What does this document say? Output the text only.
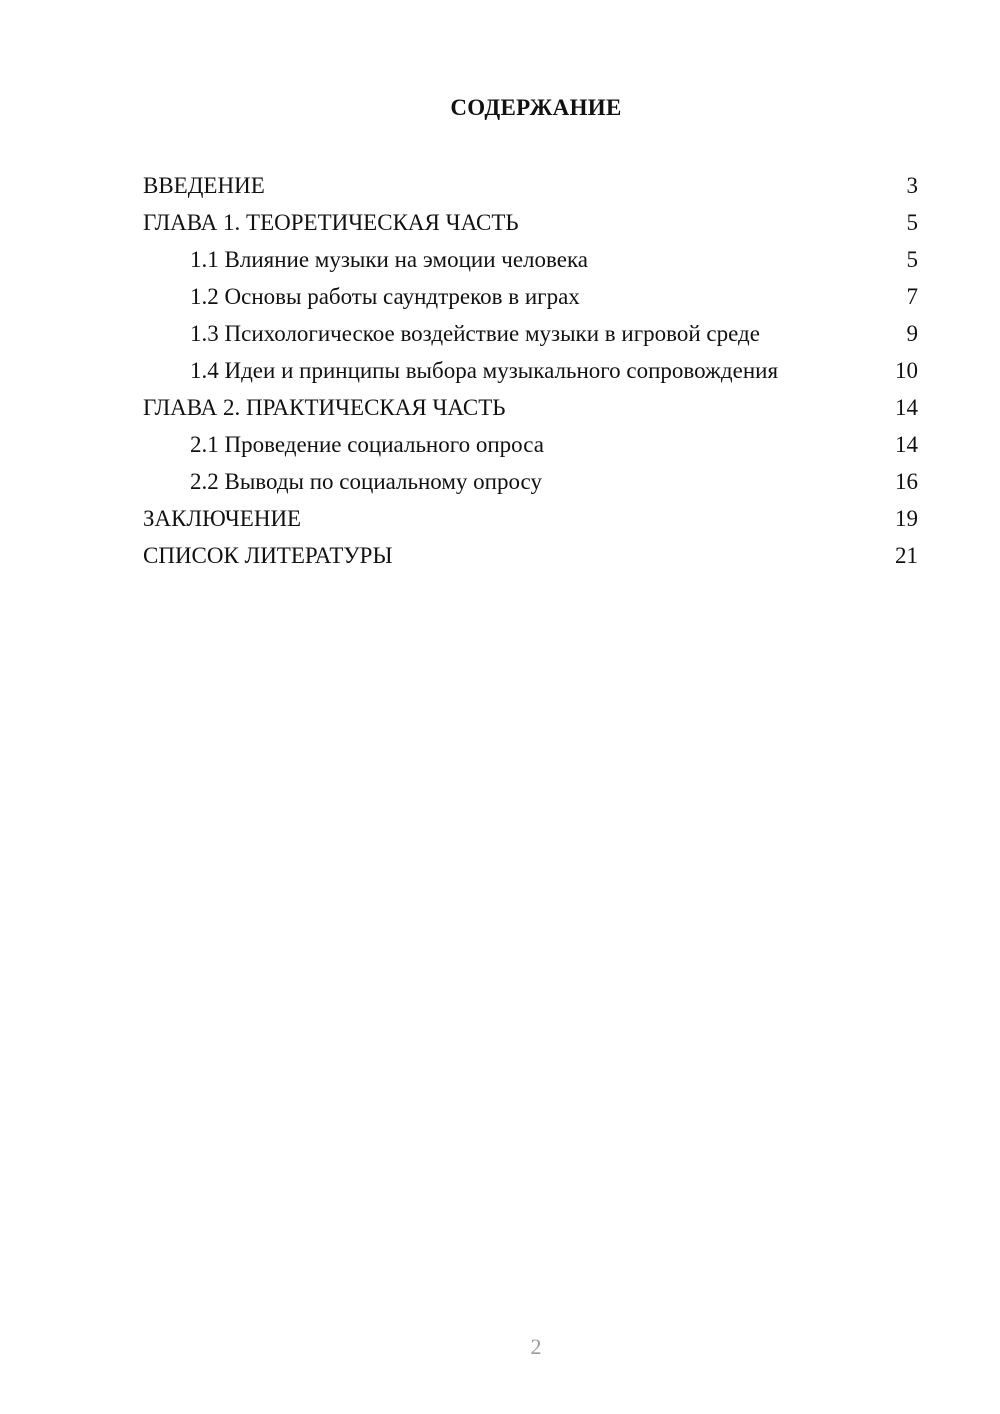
СОДЕРЖАНИЕ
ВВЕДЕНИЕ	3
ГЛАВА 1. ТЕОРЕТИЧЕСКАЯ ЧАСТЬ	5
1.1 Влияние музыки на эмоции человека	5
1.2 Основы работы саундтреков в играх	7
1.3 Психологическое воздействие музыки в игровой среде	9
1.4 Идеи и принципы выбора музыкального сопровождения	10
ГЛАВА 2. ПРАКТИЧЕСКАЯ ЧАСТЬ	14
2.1 Проведение социального опроса	14
2.2 Выводы по социальному опросу	16
ЗАКЛЮЧЕНИЕ	19
СПИСОК ЛИТЕРАТУРЫ	21
2
